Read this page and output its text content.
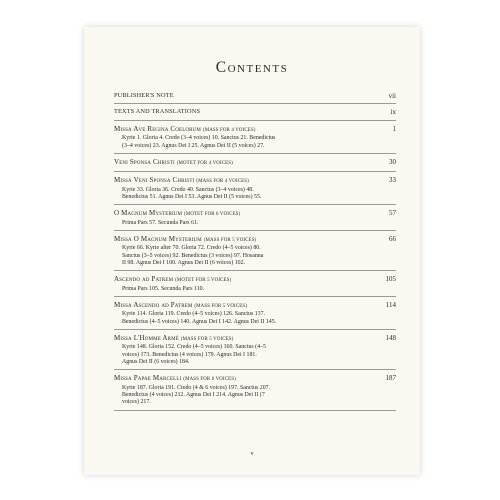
Contents
PUBLISHER'S NOTE	vii
TEXTS AND TRANSLATIONS	ix
Missa Ave Regina Coelorum (MASS FOR 4 VOICES)	1
Kyrie 1. Gloria 4. Credo (3–4 voices) 10. Sanctus 21. Benedictus
(3–4 voices) 23. Agnus Dei I 25. Agnus Dei II (5 voices) 27.
Veni Sponsa Christi (MOTET FOR 4 VOICES)	30
Missa Veni Sponsa Christi (MASS FOR 4 VOICES)	33
Kyrie 33. Gloria 36. Credo 40. Sanctus (3–4 voices) 48.
Benedictus 51. Agnus Dei I 53. Agnus Dei II (5 voices) 55.
O Magnum Mysterium (MOTET FOR 6 VOICES)	57
Prima Pars 57. Secunda Pars 61.
Missa O Magnum Mysterium (MASS FOR 5 VOICES)	66
Kyrie 66. Kyrie alter 70. Gloria 72. Credo (4–5 voices) 80.
Sanctus (3–5 voices) 92. Benedictus (3 voices) 97. Hosanna
II 98. Agnus Dei I 100. Agnus Dei II (6 voices) 102.
Ascendo ad Patrem (MOTET FOR 5 VOICES)	105
Prima Pars 105. Secunda Pars 110.
Missa Ascendo ad Patrem (MASS FOR 5 VOICES)	114
Kyrie 114. Gloria 119. Credo (4–5 voices) 126. Sanctus 137.
Benedictus (4–5 voices) 140. Agnus Dei I 142. Agnus Dei II 145.
Missa L'Homme Armé (MASS FOR 5 VOICES)	148
Kyrie 148. Gloria 152. Credo (4–5 voices) 160. Sanctus (4–5
voices) 173. Benedictus (4 voices) 179. Agnus Dei I 181.
Agnus Dei II (6 voices) 184.
Missa Papae Marcelli (MASS FOR 6 VOICES)	187
Kyrie 187. Gloria 191. Credo (4 & 6 voices) 197. Sanctus 207.
Benedictus (4 voices) 212. Agnus Dei I 214. Agnus Dei II (7
voices) 217.
v
